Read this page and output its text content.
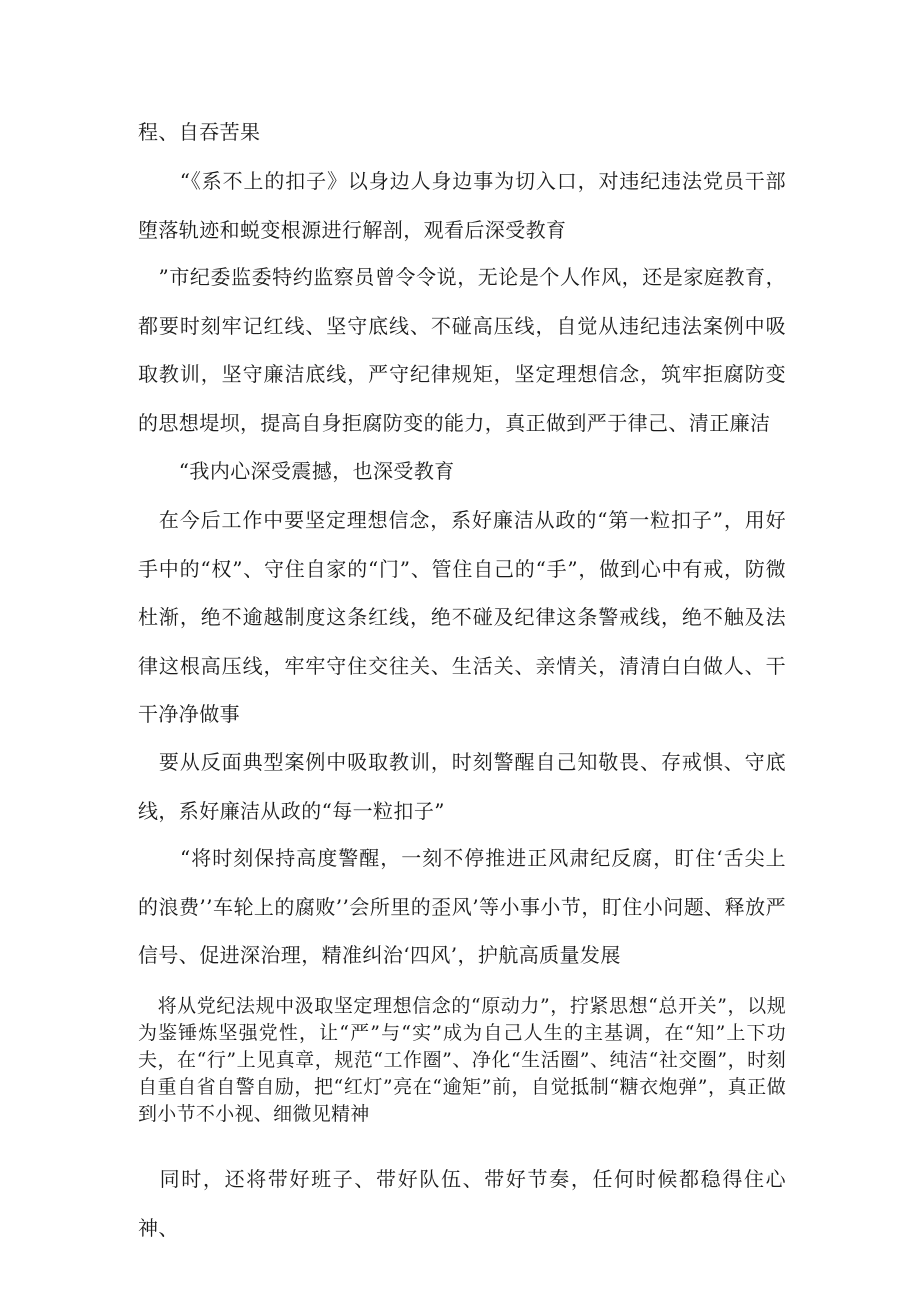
程、自吞苦果

　　“《系不上的扣子》以身边人身边事为切入口，对违纪违法党员干部堕落轨迹和蜕变根源进行解剖，观看后深受教育

　”市纪委监委特约监察员曾令令说，无论是个人作风，还是家庭教育，都要时刻牢记红线、坚守底线、不碰高压线，自觉从违纪违法案例中吸取教训，坚守廉洁底线，严守纪律规矩，坚定理想信念，筑牢拒腐防变的思想堤坝，提高自身拒腐防变的能力，真正做到严于律己、清正廉洁

　　“我内心深受震撼，也深受教育

　在今后工作中要坚定理想信念，系好廉洁从政的“第一粒扣子”，用好手中的“权”、守住自家的“门”、管住自己的“手”，做到心中有戒，防微杜渐，绝不逾越制度这条红线，绝不碰及纪律这条警戒线，绝不触及法律这根高压线，牢牢守住交往关、生活关、亲情关，清清白白做人、干干净净做事

　要从反面典型案例中吸取教训，时刻警醒自己知敬畏、存戒惧、守底线，系好廉洁从政的“每一粒扣子”

　　“将时刻保持高度警醒，一刻不停推进正风肃纪反腐，盯住‘舌尖上的浪费’’车轮上的腐败’’会所里的歪风’等小事小节，盯住小问题、释放严信号、促进深治理，精准纠治‘四风’，护航高质量发展

　将从党纪法规中汲取坚定理想信念的“原动力”，拧紧思想“总开关”，以规为鉴锤炼坚强党性，让“严”与“实”成为自己人生的主基调，在“知”上下功夫，在“行”上见真章，规范“工作圈”、净化“生活圈”、纯洁“社交圈”，时刻自重自省自警自励，把“红灯”亮在“逾矩”前，自觉抵制“糖衣炮弹”，真正做到小节不小视、细微见精神

　同时，还将带好班子、带好队伍、带好节奏，任何时候都稳得住心神、
